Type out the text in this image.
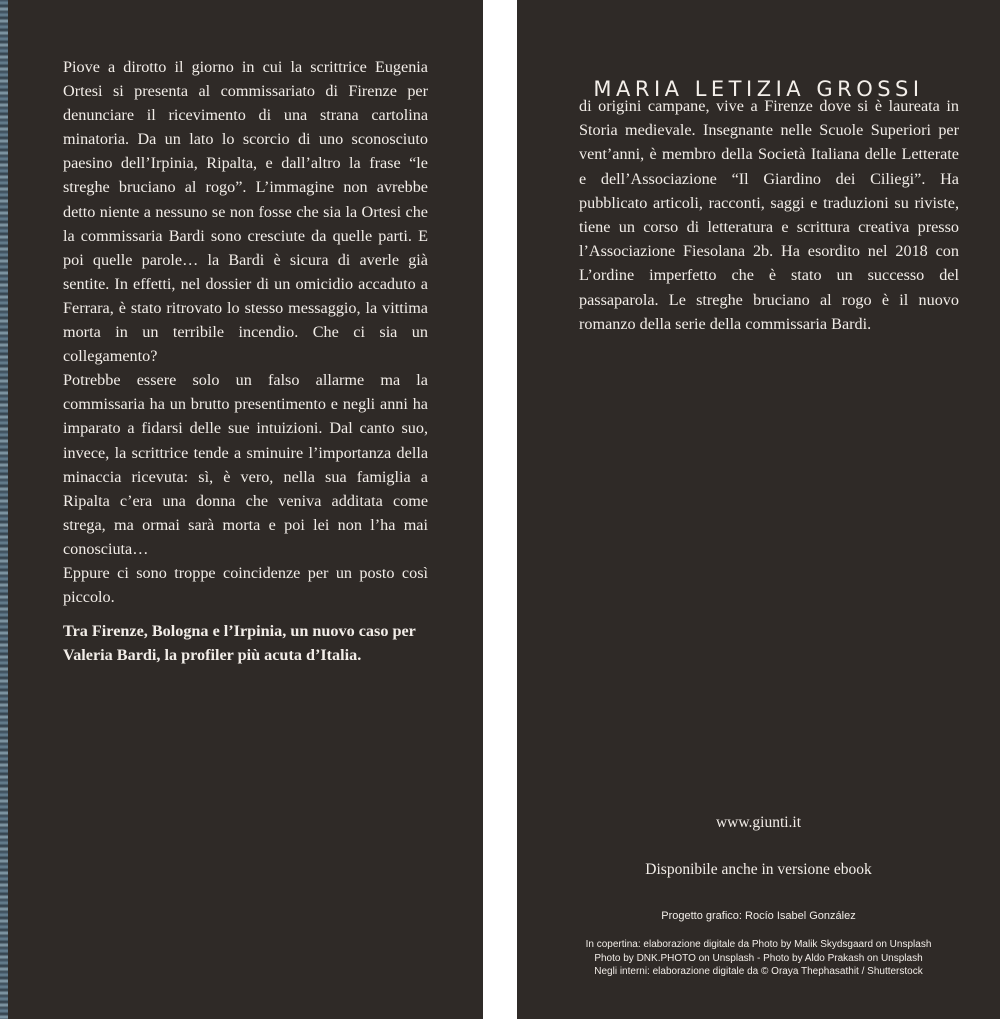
Piove a dirotto il giorno in cui la scrittrice Eugenia Ortesi si presenta al commissariato di Firenze per denunciare il ricevimento di una strana cartolina minatoria. Da un lato lo scorcio di uno sconosciuto paesino dell’Irpinia, Ripalta, e dall’altro la frase “le streghe bruciano al rogo”. L’immagine non avrebbe detto niente a nessuno se non fosse che sia la Ortesi che la commissaria Bardi sono cresciute da quelle parti. E poi quelle parole… la Bardi è sicura di averle già sentite. In effetti, nel dossier di un omicidio accaduto a Ferrara, è stato ritrovato lo stesso messaggio, la vittima morta in un terribile incendio. Che ci sia un collegamento?

Potrebbe essere solo un falso allarme ma la commissaria ha un brutto presentimento e negli anni ha imparato a fidarsi delle sue intuizioni. Dal canto suo, invece, la scrittrice tende a sminuire l’importanza della minaccia ricevuta: sì, è vero, nella sua famiglia a Ripalta c’era una donna che veniva additata come strega, ma ormai sarà morta e poi lei non l’ha mai conosciuta…

Eppure ci sono troppe coincidenze per un posto così piccolo.

Tra Firenze, Bologna e l’Irpinia, un nuovo caso per Valeria Bardi, la profiler più acuta d’Italia.

MARIA LETIZIA GROSSI

di origini campane, vive a Firenze dove si è laureata in Storia medievale. Insegnante nelle Scuole Superiori per vent’anni, è membro della Società Italiana delle Letterate e dell’Associazione “Il Giardino dei Ciliegi”. Ha pubblicato articoli, racconti, saggi e traduzioni su riviste, tiene un corso di letteratura e scrittura creativa presso l’Associazione Fiesolana 2b. Ha esordito nel 2018 con L’ordine imperfetto che è stato un successo del passaparola. Le streghe bruciano al rogo è il nuovo romanzo della serie della commissaria Bardi.

www.giunti.it
Disponibile anche in versione ebook
Progetto grafico: Rocío Isabel González
In copertina: elaborazione digitale da Photo by Malik Skydsgaard on Unsplash
Photo by DNK.PHOTO on Unsplash - Photo by Aldo Prakash on Unsplash
Negli interni: elaborazione digitale da © Oraya Thephasathit / Shutterstock
